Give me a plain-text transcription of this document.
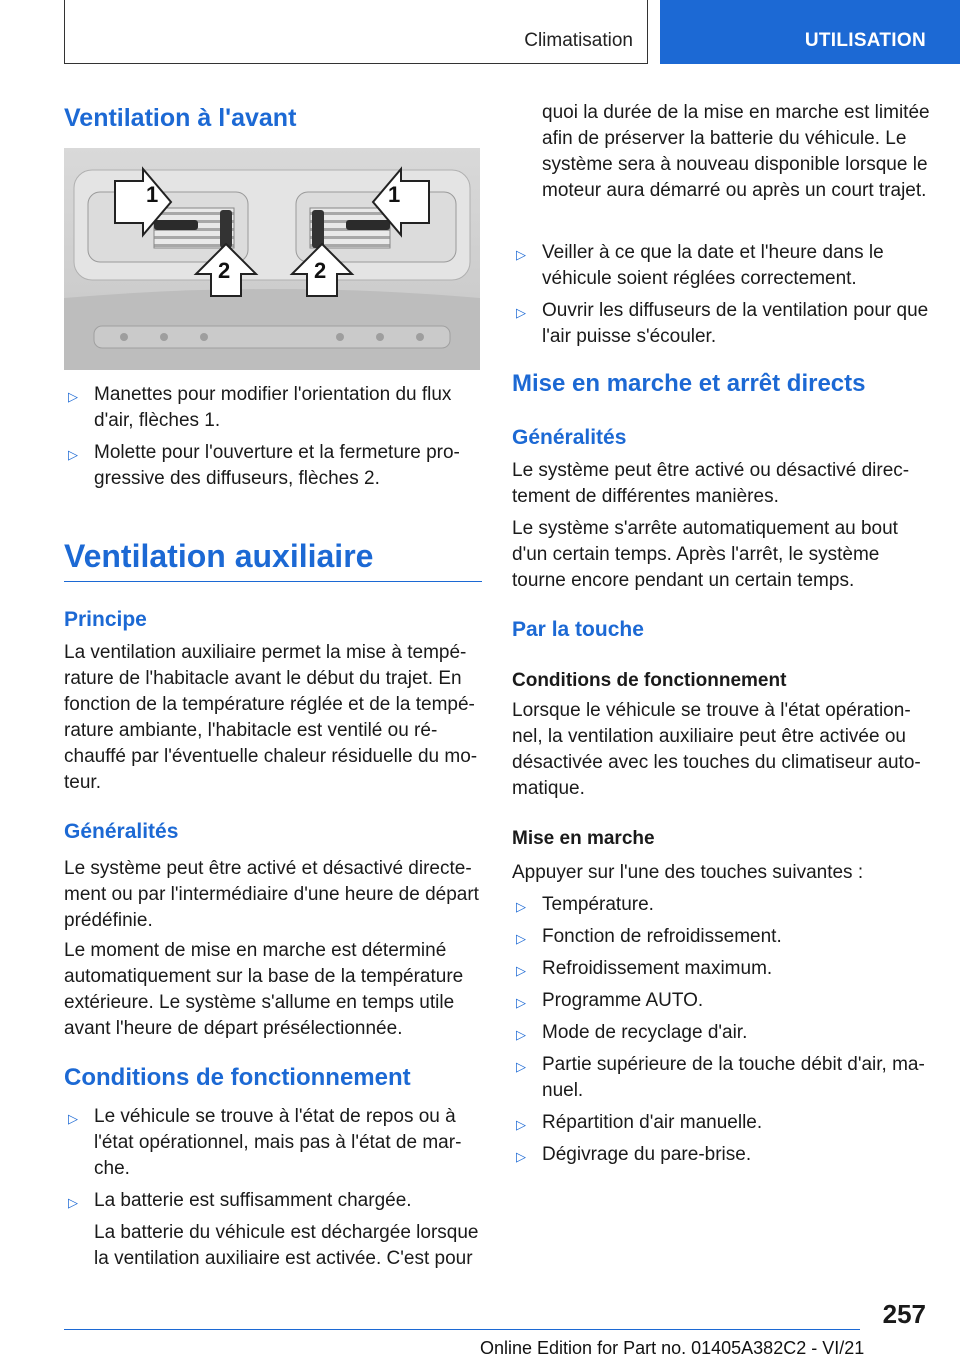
Climatisation	UTILISATION
Ventilation à l'avant
▷ Manettes pour modifier l'orientation du flux d'air, flèches 1.
▷ Molette pour l'ouverture et la fermeture progressive des diffuseurs, flèches 2.
Ventilation auxiliaire
Principe

La ventilation auxiliaire permet la mise à température de l'habitacle avant le début du trajet. En fonction de la température réglée et de la température ambiante, l'habitacle est ventilé ou réchauffé par l'éventuelle chaleur résiduelle du moteur.

Généralités

Le système peut être activé et désactivé directement ou par l'intermédiaire d'une heure de départ prédéfinie.

Le moment de mise en marche est déterminé automatiquement sur la base de la température extérieure. Le système s'allume en temps utile avant l'heure de départ présélectionnée.

Conditions de fonctionnement
▷ Le véhicule se trouve à l'état de repos ou à l'état opérationnel, mais pas à l'état de marche.
▷ La batterie est suffisamment chargée.
La batterie du véhicule est déchargée lorsque la ventilation auxiliaire est activée. C'est pour
1	1
2	2

quoi la durée de la mise en marche est limitée afin de préserver la batterie du véhicule. Le système sera à nouveau disponible lorsque le moteur aura démarré ou après un court trajet.

▷ Veiller à ce que la date et l'heure dans le véhicule soient réglées correctement.
▷ Ouvrir les diffuseurs de la ventilation pour que l'air puisse s'écouler.
Mise en marche et arrêt directs
Généralités

Le système peut être activé ou désactivé directement de différentes manières.

Le système s'arrête automatiquement au bout d'un certain temps. Après l'arrêt, le système tourne encore pendant un certain temps.

Par la touche
Conditions de fonctionnement

Lorsque le véhicule se trouve à l'état opérationnel, la ventilation auxiliaire peut être activée ou désactivée avec les touches du climatiseur automatique.

Mise en marche

Appuyer sur l'une des touches suivantes :

▷ Température.
▷ Fonction de refroidissement.
▷ Refroidissement maximum.
▷ Programme AUTO.
▷ Mode de recyclage d'air.
▷ Partie supérieure de la touche débit d'air, manuel.
▷ Répartition d'air manuelle.
▷ Dégivrage du pare-brise.
257
Online Edition for Part no. 01405A382C2 - VI/21
